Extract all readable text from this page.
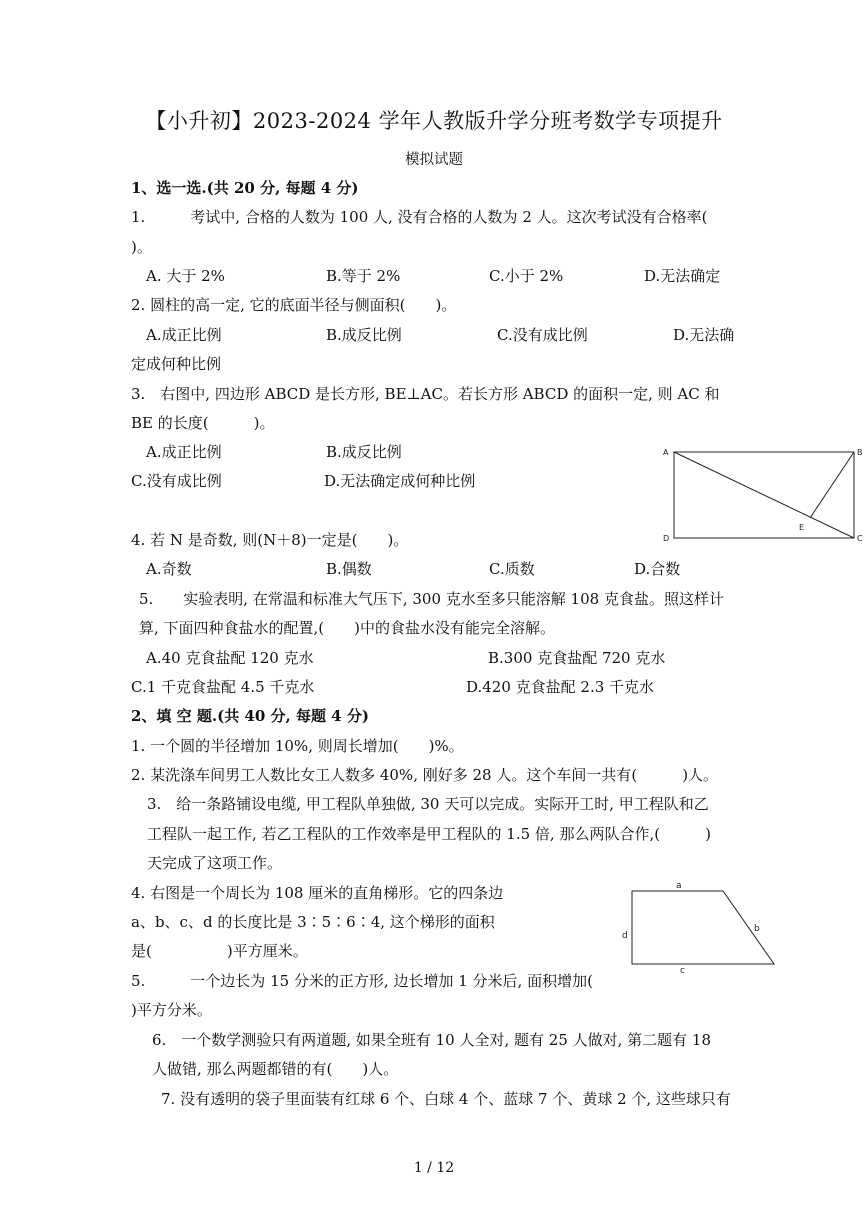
【小升初】2023-2024 学年人教版升学分班考数学专项提升
模拟试题
1、选一选.(共 20 分, 每题 4 分)
1.　　　考试中, 合格的人数为 100 人, 没有合格的人数为 2 人。这次考试没有合格率(
)。
A. 大于 2%	B.等于 2%	C.小于 2%	D.无法确定
2. 圆柱的高一定, 它的底面半径与侧面积(　　)。
A.成正比例	B.成反比例	C.没有成比例	D.无法确
定成何种比例
3.　右图中, 四边形 ABCD 是长方形, BE⊥AC。若长方形 ABCD 的面积一定, 则 AC 和
BE 的长度(　　　)。
A.成正比例	B.成反比例
C.没有成比例	D.无法确定成何种比例
A	B
C
D
E
4. 若 N 是奇数, 则(N＋8)一定是(　　)。
A.奇数	B.偶数	C.质数	D.合数
5.　　实验表明, 在常温和标准大气压下, 300 克水至多只能溶解 108 克食盐。照这样计
算, 下面四种食盐水的配置,(　　)中的食盐水没有能完全溶解。
A.40 克食盐配 120 克水	B.300 克食盐配 720 克水
C.1 千克食盐配 4.5 千克水	D.420 克食盐配 2.3 千克水
2、填 空 题.(共 40 分, 每题 4 分)
1. 一个圆的半径增加 10%, 则周长增加(　　)%。
2. 某洗涤车间男工人数比女工人数多 40%, 刚好多 28 人。这个车间一共有(　　　)人。
3.　给一条路铺设电缆, 甲工程队单独做, 30 天可以完成。实际开工时, 甲工程队和乙
工程队一起工作, 若乙工程队的工作效率是甲工程队的 1.5 倍, 那么两队合作,(　　　)
天完成了这项工作。
4. 右图是一个周长为 108 厘米的直角梯形。它的四条边
a、b、c、d 的长度比是 3∶5∶6∶4, 这个梯形的面积
是(　　　　　)平方厘米。
a
b
c
d
5.　　　一个边长为 15 分米的正方形, 边长增加 1 分米后, 面积增加(
)平方分米。
6.　一个数学测验只有两道题, 如果全班有 10 人全对, 题有 25 人做对, 第二题有 18
人做错, 那么两题都错的有(　　)人。
7. 没有透明的袋子里面装有红球 6 个、白球 4 个、蓝球 7 个、黄球 2 个, 这些球只有
1 / 12
